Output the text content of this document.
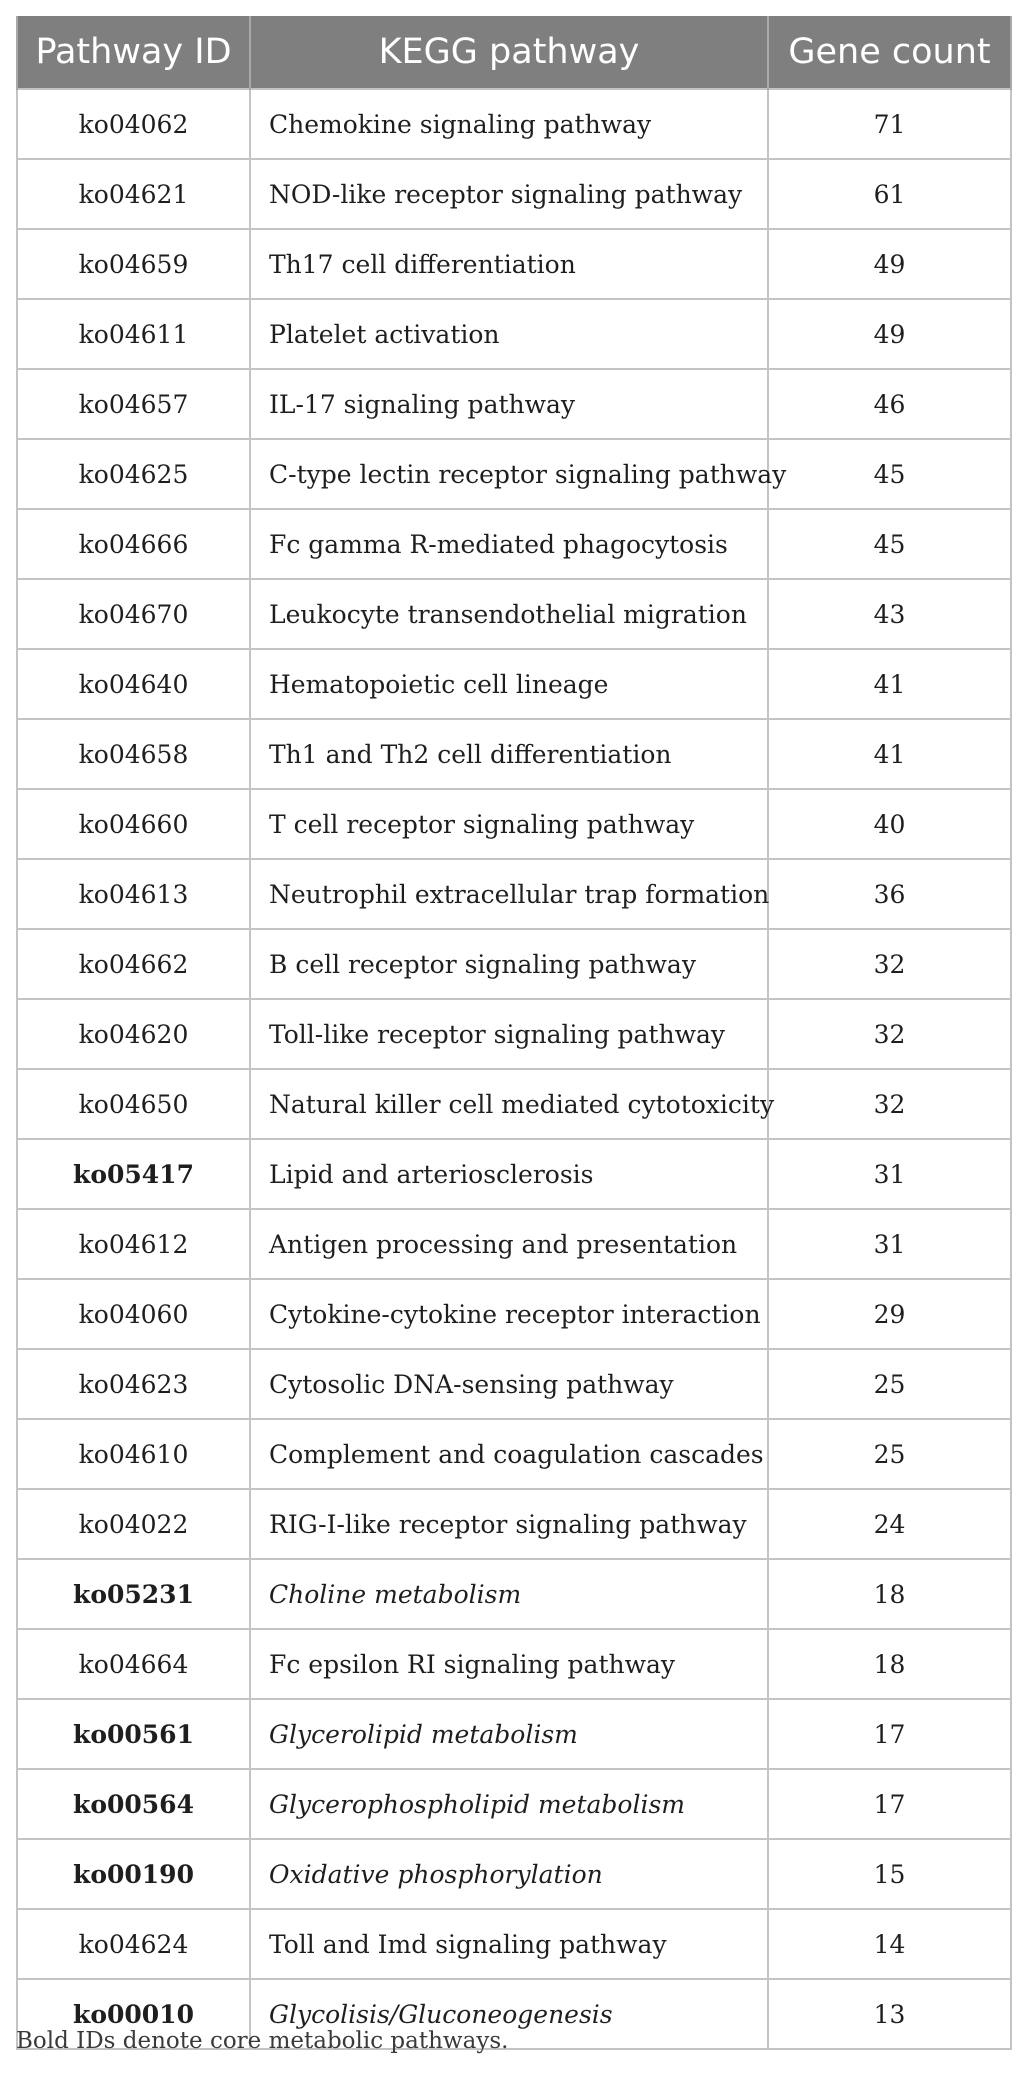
Pathway ID	KEGG pathway	Gene count
ko04062	Chemokine signaling pathway	71
ko04621	NOD-like receptor signaling pathway	61
ko04659	Th17 cell differentiation	49
ko04611	Platelet activation	49
ko04657	IL-17 signaling pathway	46
ko04625	C-type lectin receptor signaling pathway	45
ko04666	Fc gamma R-mediated phagocytosis	45
ko04670	Leukocyte transendothelial migration	43
ko04640	Hematopoietic cell lineage	41
ko04658	Th1 and Th2 cell differentiation	41
ko04660	T cell receptor signaling pathway	40
ko04613	Neutrophil extracellular trap formation	36
ko04662	B cell receptor signaling pathway	32
ko04620	Toll-like receptor signaling pathway	32
ko04650	Natural killer cell mediated cytotoxicity	32
ko05417	Lipid and arteriosclerosis	31
ko04612	Antigen processing and presentation	31
ko04060	Cytokine-cytokine receptor interaction	29
ko04623	Cytosolic DNA-sensing pathway	25
ko04610	Complement and coagulation cascades	25
ko04022	RIG-I-like receptor signaling pathway	24
ko05231	Choline metabolism	18
ko04664	Fc epsilon RI signaling pathway	18
ko00561	Glycerolipid metabolism	17
ko00564	Glycerophospholipid metabolism	17
ko00190	Oxidative phosphorylation	15
ko04624	Toll and Imd signaling pathway	14
ko00010	Glycolisis/Gluconeogenesis	13
Bold IDs denote core metabolic pathways.
